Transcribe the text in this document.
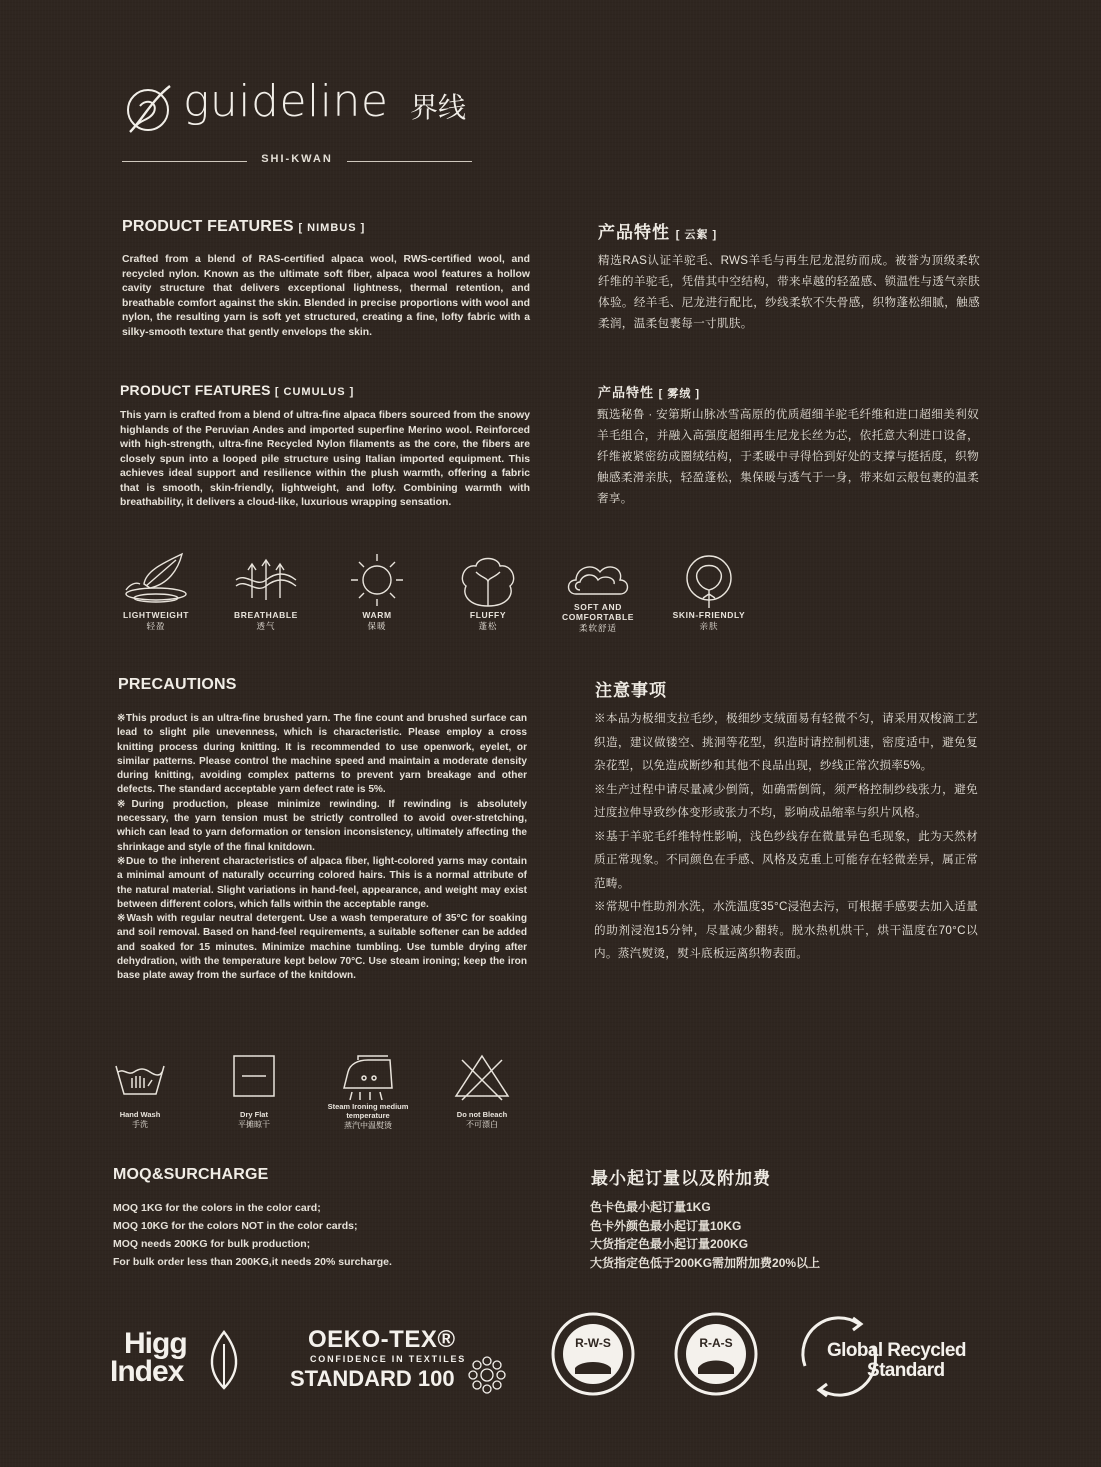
guideline 界线
SHI-KWAN
PRODUCT FEATURES [ NIMBUS ]

Crafted from a blend of RAS-certified alpaca wool, RWS-certified wool, and recycled nylon. Known as the ultimate soft fiber, alpaca wool features a hollow cavity structure that delivers exceptional lightness, thermal retention, and breathable comfort against the skin. Blended in precise proportions with wool and nylon, the resulting yarn is soft yet structured, creating a fine, lofty fabric with a silky-smooth texture that gently envelops the skin.

产品特性 [ 云絮 ]

精选RAS认证羊驼毛、RWS羊毛与再生尼龙混纺而成。被誉为顶级柔软纤维的羊驼毛，凭借其中空结构，带来卓越的轻盈感、锁温性与透气亲肤体验。经羊毛、尼龙进行配比，纱线柔软不失骨感，织物蓬松细腻，触感柔润，温柔包裹每一寸肌肤。

PRODUCT FEATURES [ CUMULUS ]

This yarn is crafted from a blend of ultra-fine alpaca fibers sourced from the snowy highlands of the Peruvian Andes and imported superfine Merino wool. Reinforced with high-strength, ultra-fine Recycled Nylon filaments as the core, the fibers are closely spun into a looped pile structure using Italian imported equipment. This achieves ideal support and resilience within the plush warmth, offering a fabric that is smooth, skin-friendly, lightweight, and lofty. Combining warmth with breathability, it delivers a cloud-like, luxurious wrapping sensation.

产品特性 [ 雾绒 ]

甄选秘鲁 · 安第斯山脉冰雪高原的优质超细羊驼毛纤维和进口超细美利奴羊毛组合，并融入高强度超细再生尼龙长丝为芯，依托意大利进口设备，纤维被紧密纺成圈绒结构，于柔暖中寻得恰到好处的支撑与挺括度，织物触感柔滑亲肤，轻盈蓬松，集保暖与透气于一身，带来如云般包裹的温柔奢享。

LIGHTWEIGHT
轻盈
BREATHABLE
透气
WARM
保暖
FLUFFY
蓬松
SOFT AND COMFORTABLE
柔软舒适
SKIN-FRIENDLY
亲肤
PRECAUTIONS

※This product is an ultra-fine brushed yarn. The fine count and brushed surface can lead to slight pile unevenness, which is characteristic. Please employ a cross knitting process during knitting. It is recommended to use openwork, eyelet, or similar patterns. Please control the machine speed and maintain a moderate density during knitting, avoiding complex patterns to prevent yarn breakage and other defects. The standard acceptable yarn defect rate is 5%.

※During production, please minimize rewinding. If rewinding is absolutely necessary, the yarn tension must be strictly controlled to avoid over-stretching, which can lead to yarn deformation or tension inconsistency, ultimately affecting the shrinkage and style of the final knitdown.

※Due to the inherent characteristics of alpaca fiber, light-colored yarns may contain a minimal amount of naturally occurring colored hairs. This is a normal attribute of the natural material. Slight variations in hand-feel, appearance, and weight may exist between different colors, which falls within the acceptable range.

※Wash with regular neutral detergent. Use a wash temperature of 35°C for soaking and soil removal. Based on hand-feel requirements, a suitable softener can be added and soaked for 15 minutes. Minimize machine tumbling. Use tumble drying after dehydration, with the temperature kept below 70°C. Use steam ironing; keep the iron base plate away from the surface of the knitdown.

注意事项

※本品为极细支拉毛纱，极细纱支绒面易有轻微不匀，请采用双梭滴工艺织造，建议做镂空、挑洞等花型，织造时请控制机速，密度适中，避免复杂花型，以免造成断纱和其他不良品出现，纱线正常次损率5%。

※生产过程中请尽量减少倒筒，如确需倒筒，须严格控制纱线张力，避免过度拉伸导致纱体变形或张力不均，影响成品缩率与织片风格。

※基于羊驼毛纤维特性影响，浅色纱线存在微量异色毛现象，此为天然材质正常现象。不同颜色在手感、风格及克重上可能存在轻微差异，属正常范畴。

※常规中性助剂水洗，水洗温度35°C浸泡去污，可根据手感要去加入适量的助剂浸泡15分钟，尽量减少翻转。脱水热机烘干，烘干温度在70°C以内。蒸汽熨烫，熨斗底板远离织物表面。

Hand Wash
手洗
Dry Flat
平摊晾干
Steam Ironing medium temperature
蒸汽中温熨烫
Do not Bleach
不可漂白
MOQ&SURCHARGE

MOQ 1KG for the colors in the color card;

MOQ 10KG for the colors NOT in the color cards;

MOQ needs 200KG for bulk production;

For bulk order less than 200KG,it needs 20% surcharge.

最小起订量以及附加费

色卡色最小起订量1KG

色卡外颜色最小起订量10KG

大货指定色最小起订量200KG

大货指定色低于200KG需加附加费20%以上

Higg
Index
OEKO-TEX®
CONFIDENCE IN TEXTILES
STANDARD 100
R-W-S	R-A-S	Global Recycled
Standard
